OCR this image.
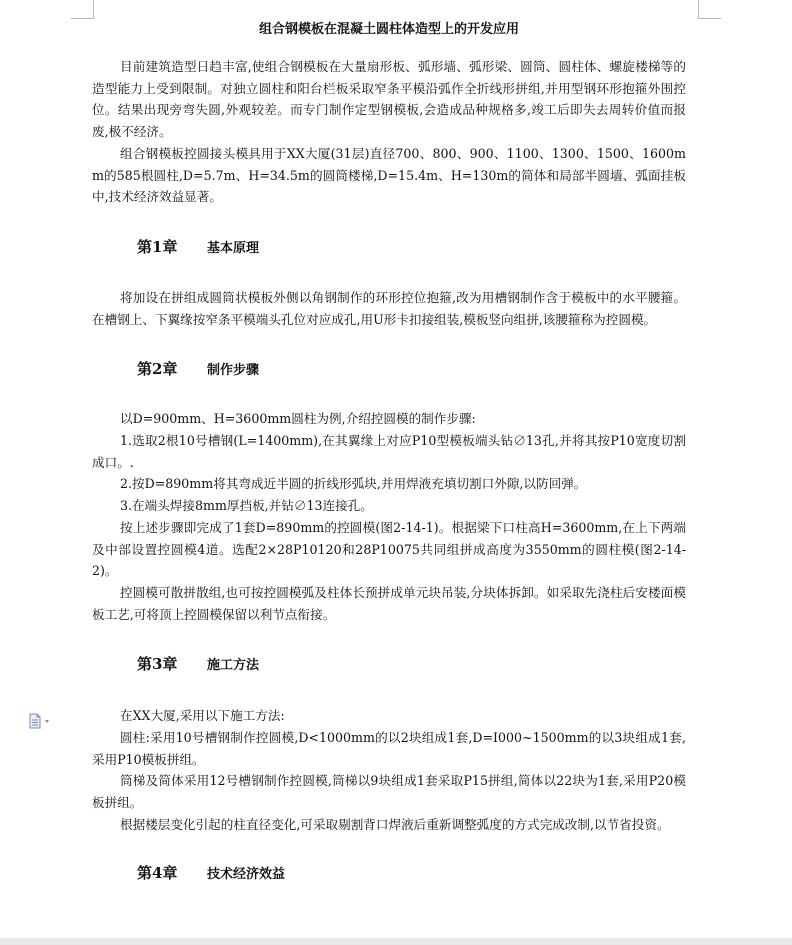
组合钢模板在混凝土圆柱体造型上的开发应用

目前建筑造型日趋丰富,使组合钢模板在大量扇形板、弧形墙、弧形梁、圆筒、圆柱体、螺旋楼梯等的造型能力上受到限制。对独立圆柱和阳台栏板采取窄条平模沿弧作全折线形拼组,并用型钢环形抱箍外围控位。结果出现旁弯失圆,外观较差。而专门制作定型钢模板,会造成品种规格多,竣工后即失去周转价值而报废,极不经济。

组合钢模板控圆接头模具用于XX大厦(31层)直径700、800、900、1100、1300、1500、1600mm的585根圆柱,D=5.7m、H=34.5m的圆筒楼梯,D=15.4m、H=130m的简体和局部半圆墙、弧面挂板中,技术经济效益显著。

第1章 基本原理

将加设在拼组成圆筒状模板外侧以角钢制作的环形控位抱箍,改为用槽钢制作含于模板中的水平腰箍。在槽钢上、下翼缘按窄条平模端头孔位对应成孔,用U形卡扣接组装,模板竖向组拼,该腰箍称为控圆模。

第2章 制作步骤

以D=900mm、H=3600mm圆柱为例,介绍控圆模的制作步骤:

1.选取2根10号槽钢(L=1400mm),在其翼缘上对应P10型模板端头钻∅13孔,并将其按P10宽度切割成口。.

2.按D=890mm将其弯成近半圆的折线形弧块,并用焊液充填切割口外隙,以防回弹。

3.在端头焊接8mm厚挡板,并钻∅13连接孔。

按上述步骤即完成了1套D=890mm的控圆模(图2-14-1)。根据梁下口柱高H=3600mm,在上下两端及中部设置控圆模4道。选配2×28P10120和28P10075共同组拼成高度为3550mm的圆柱模(图2-14-2)。

控圆模可散拼散组,也可按控圆模弧及柱体长预拼成单元块吊装,分块体拆卸。如采取先浇柱后安楼面模板工艺,可将顶上控圆模保留以利节点衔接。

第3章 施工方法

在XX大厦,采用以下施工方法:

圆柱:采用10号槽钢制作控圆模,D<1000mm的以2块组成1套,D=I000~1500mm的以3块组成1套,采用P10模板拼组。

筒梯及简体采用12号槽钢制作控圆模,筒梯以9块组成1套采取P15拼组,简体以22块为1套,采用P20模板拼组。

根据楼层变化引起的柱直径变化,可采取剔割背口焊液后重新调整弧度的方式完成改制,以节省投资。

第4章 技术经济效益
